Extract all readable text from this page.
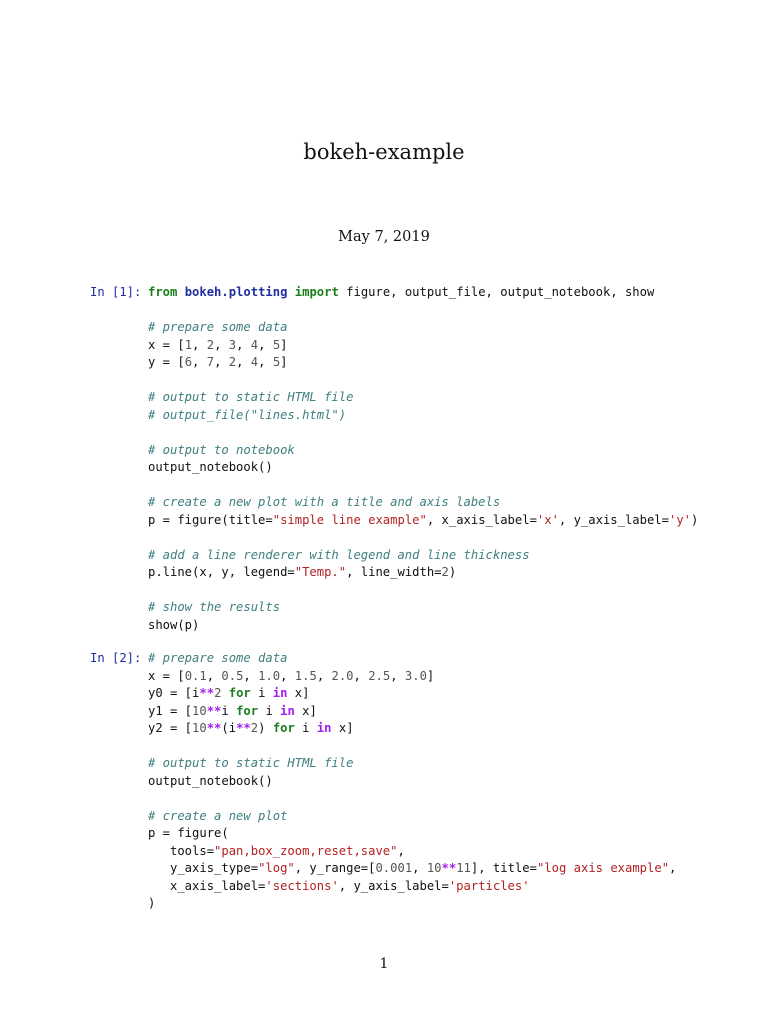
bokeh-example
May 7, 2019
In [1]: from bokeh.plotting import figure, output_file, output_notebook, show
# prepare some data
x = [1, 2, 3, 4, 5]
y = [6, 7, 2, 4, 5]
# output to static HTML file
# output_file("lines.html")
# output to notebook
output_notebook()
# create a new plot with a title and axis labels
p = figure(title="simple line example", x_axis_label='x', y_axis_label='y')
# add a line renderer with legend and line thickness
p.line(x, y, legend="Temp.", line_width=2)
# show the results
show(p)
In [2]: # prepare some data
x = [0.1, 0.5, 1.0, 1.5, 2.0, 2.5, 3.0]
y0 = [i**2 for i in x]
y1 = [10**i for i in x]
y2 = [10**(i**2) for i in x]
# output to static HTML file
output_notebook()
# create a new plot
p = figure(
tools="pan,box_zoom,reset,save",
y_axis_type="log", y_range=[0.001, 10**11], title="log axis example",
x_axis_label='sections', y_axis_label='particles'
)
1
